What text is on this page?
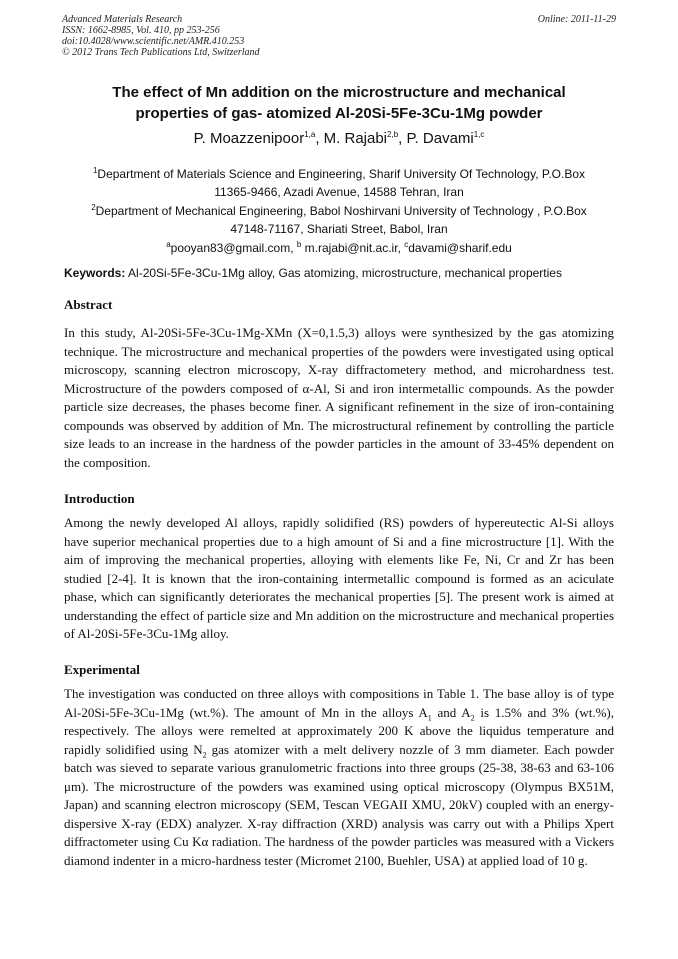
Advanced Materials Research
ISSN: 1662-8985, Vol. 410, pp 253-256
doi:10.4028/www.scientific.net/AMR.410.253
© 2012 Trans Tech Publications Ltd, Switzerland
Online: 2011-11-29
The effect of Mn addition on the microstructure and mechanical
properties of gas- atomized Al-20Si-5Fe-3Cu-1Mg powder
P. Moazzenipoor$^{1,a}$, M. Rajabi$^{2,b}$, P. Davami$^{1,c}$
$^1$Department of Materials Science and Engineering, Sharif University Of Technology, P.O.Box
11365-9466, Azadi Avenue, 14588 Tehran, Iran
$^2$Department of Mechanical Engineering, Babol Noshirvani University of Technology , P.O.Box
47148-71167, Shariati Street, Babol, Iran
$^a$pooyan83@gmail.com, $^b$ m.rajabi@nit.ac.ir, $^c$davami@sharif.edu
Keywords: Al-20Si-5Fe-3Cu-1Mg alloy, Gas atomizing, microstructure, mechanical properties
Abstract
In this study, Al-20Si-5Fe-3Cu-1Mg-XMn (X=0,1.5,3) alloys were synthesized by the gas atomizing technique. The microstructure and mechanical properties of the powders were investigated using optical microscopy, scanning electron microscopy, X-ray diffractometery method, and microhardness test. Microstructure of the powders composed of α-Al, Si and iron intermetallic compounds. As the powder particle size decreases, the phases become finer. A significant refinement in the size of iron-containing compounds was observed by addition of Mn. The microstructural refinement by controlling the particle size leads to an increase in the hardness of the powder particles in the amount of 33-45% dependent on the composition.
Introduction
Among the newly developed Al alloys, rapidly solidified (RS) powders of hypereutectic Al-Si alloys have superior mechanical properties due to a high amount of Si and a fine microstructure [1]. With the aim of improving the mechanical properties, alloying with elements like Fe, Ni, Cr and Zr has been studied [2-4]. It is known that the iron-containing intermetallic compound is formed as an aciculate phase, which can significantly deteriorates the mechanical properties [5]. The present work is aimed at understanding the effect of particle size and Mn addition on the microstructure and mechanical properties of Al-20Si-5Fe-3Cu-1Mg alloy.
Experimental
The investigation was conducted on three alloys with compositions in Table 1. The base alloy is of type Al-20Si-5Fe-3Cu-1Mg (wt.%). The amount of Mn in the alloys $A_1$ and $A_2$ is 1.5% and 3% (wt.%), respectively. The alloys were remelted at approximately 200 K above the liquidus temperature and rapidly solidified using $N_2$ gas atomizer with a melt delivery nozzle of 3 mm diameter. Each powder batch was sieved to separate various granulometric fractions into three groups (25-38, 38-63 and 63-106 μm). The microstructure of the powders was examined using optical microscopy (Olympus BX51M, Japan) and scanning electron microscopy (SEM, Tescan VEGAII XMU, 20kV) coupled with an energy-dispersive X-ray (EDX) analyzer. X-ray diffraction (XRD) analysis was carry out with a Philips Xpert diffractometer using Cu Kα radiation. The hardness of the powder particles was measured with a Vickers diamond indenter in a micro-hardness tester (Micromet 2100, Buehler, USA) at applied load of 10 g.
